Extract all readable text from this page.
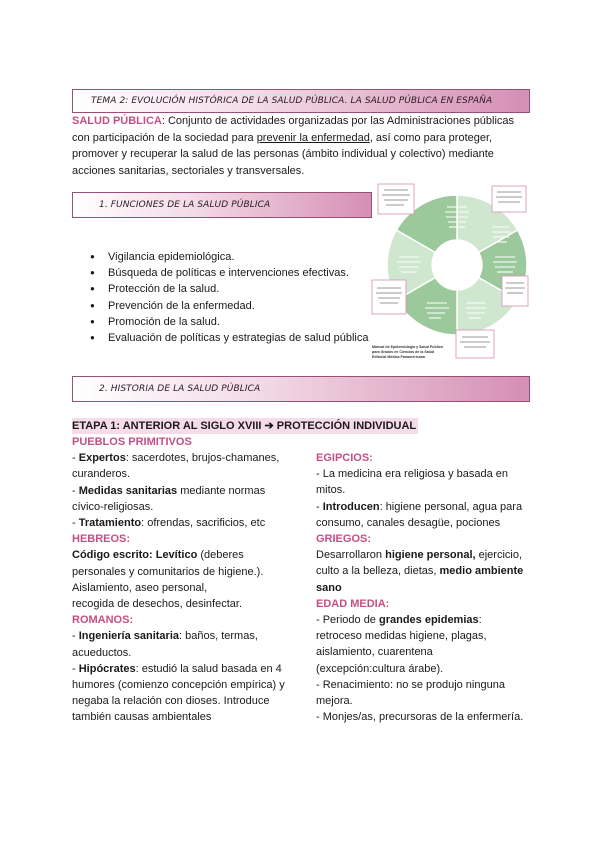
TEMA 2: EVOLUCIÓN HISTÓRICA DE LA SALUD PÚBLICA. LA SALUD PÚBLICA EN ESPAÑA
SALUD PÚBLICA: Conjunto de actividades organizadas por las Administraciones públicas
con participación de la sociedad para prevenir la enfermedad, así como para proteger,
promover y recuperar la salud de las personas (ámbito individual y colectivo) mediante
acciones sanitarias, sectoriales y transversales.
1. FUNCIONES DE LA SALUD PÚBLICA
● Vigilancia epidemiológica.
● Búsqueda de políticas e intervenciones efectivas.
● Protección de la salud.
● Prevención de la enfermedad.
● Promoción de la salud.
● Evaluación de políticas y estrategias de salud pública
Manual de Epidemiología y Salud Pública
para Grados en Ciencias de la Salud
Editorial Médica Panamericana
2. HISTORIA DE LA SALUD PÚBLICA
ETAPA 1: ANTERIOR AL SIGLO XVIII ➔ PROTECCIÓN INDIVIDUAL
PUEBLOS PRIMITIVOS
- Expertos: sacerdotes, brujos-chamanes,
curanderos.
- Medidas sanitarias mediante normas
cívico-religiosas.
- Tratamiento: ofrendas, sacrificios, etc
HEBREOS:
Código escrito: Levítico (deberes
personales y comunitarios de higiene.).
Aislamiento, aseo personal,
recogida de desechos, desinfectar.
ROMANOS:
- Ingeniería sanitaria: baños, termas,
acueductos.
- Hipócrates: estudió la salud basada en 4
humores (comienzo concepción empírica) y
negaba la relación con dioses. Introduce
también causas ambientales
EGIPCIOS:
- La medicina era religiosa y basada en
mitos.
- Introducen: higiene personal, agua para
consumo, canales desagüe, pociones
GRIEGOS:
Desarrollaron higiene personal, ejercicio,
culto a la belleza, dietas, medio ambiente
sano
EDAD MEDIA:
- Periodo de grandes epidemias:
retroceso medidas higiene, plagas,
aislamiento, cuarentena
(excepción:cultura árabe).
- Renacimiento: no se produjo ninguna
mejora.
- Monjes/as, precursoras de la enfermería.
